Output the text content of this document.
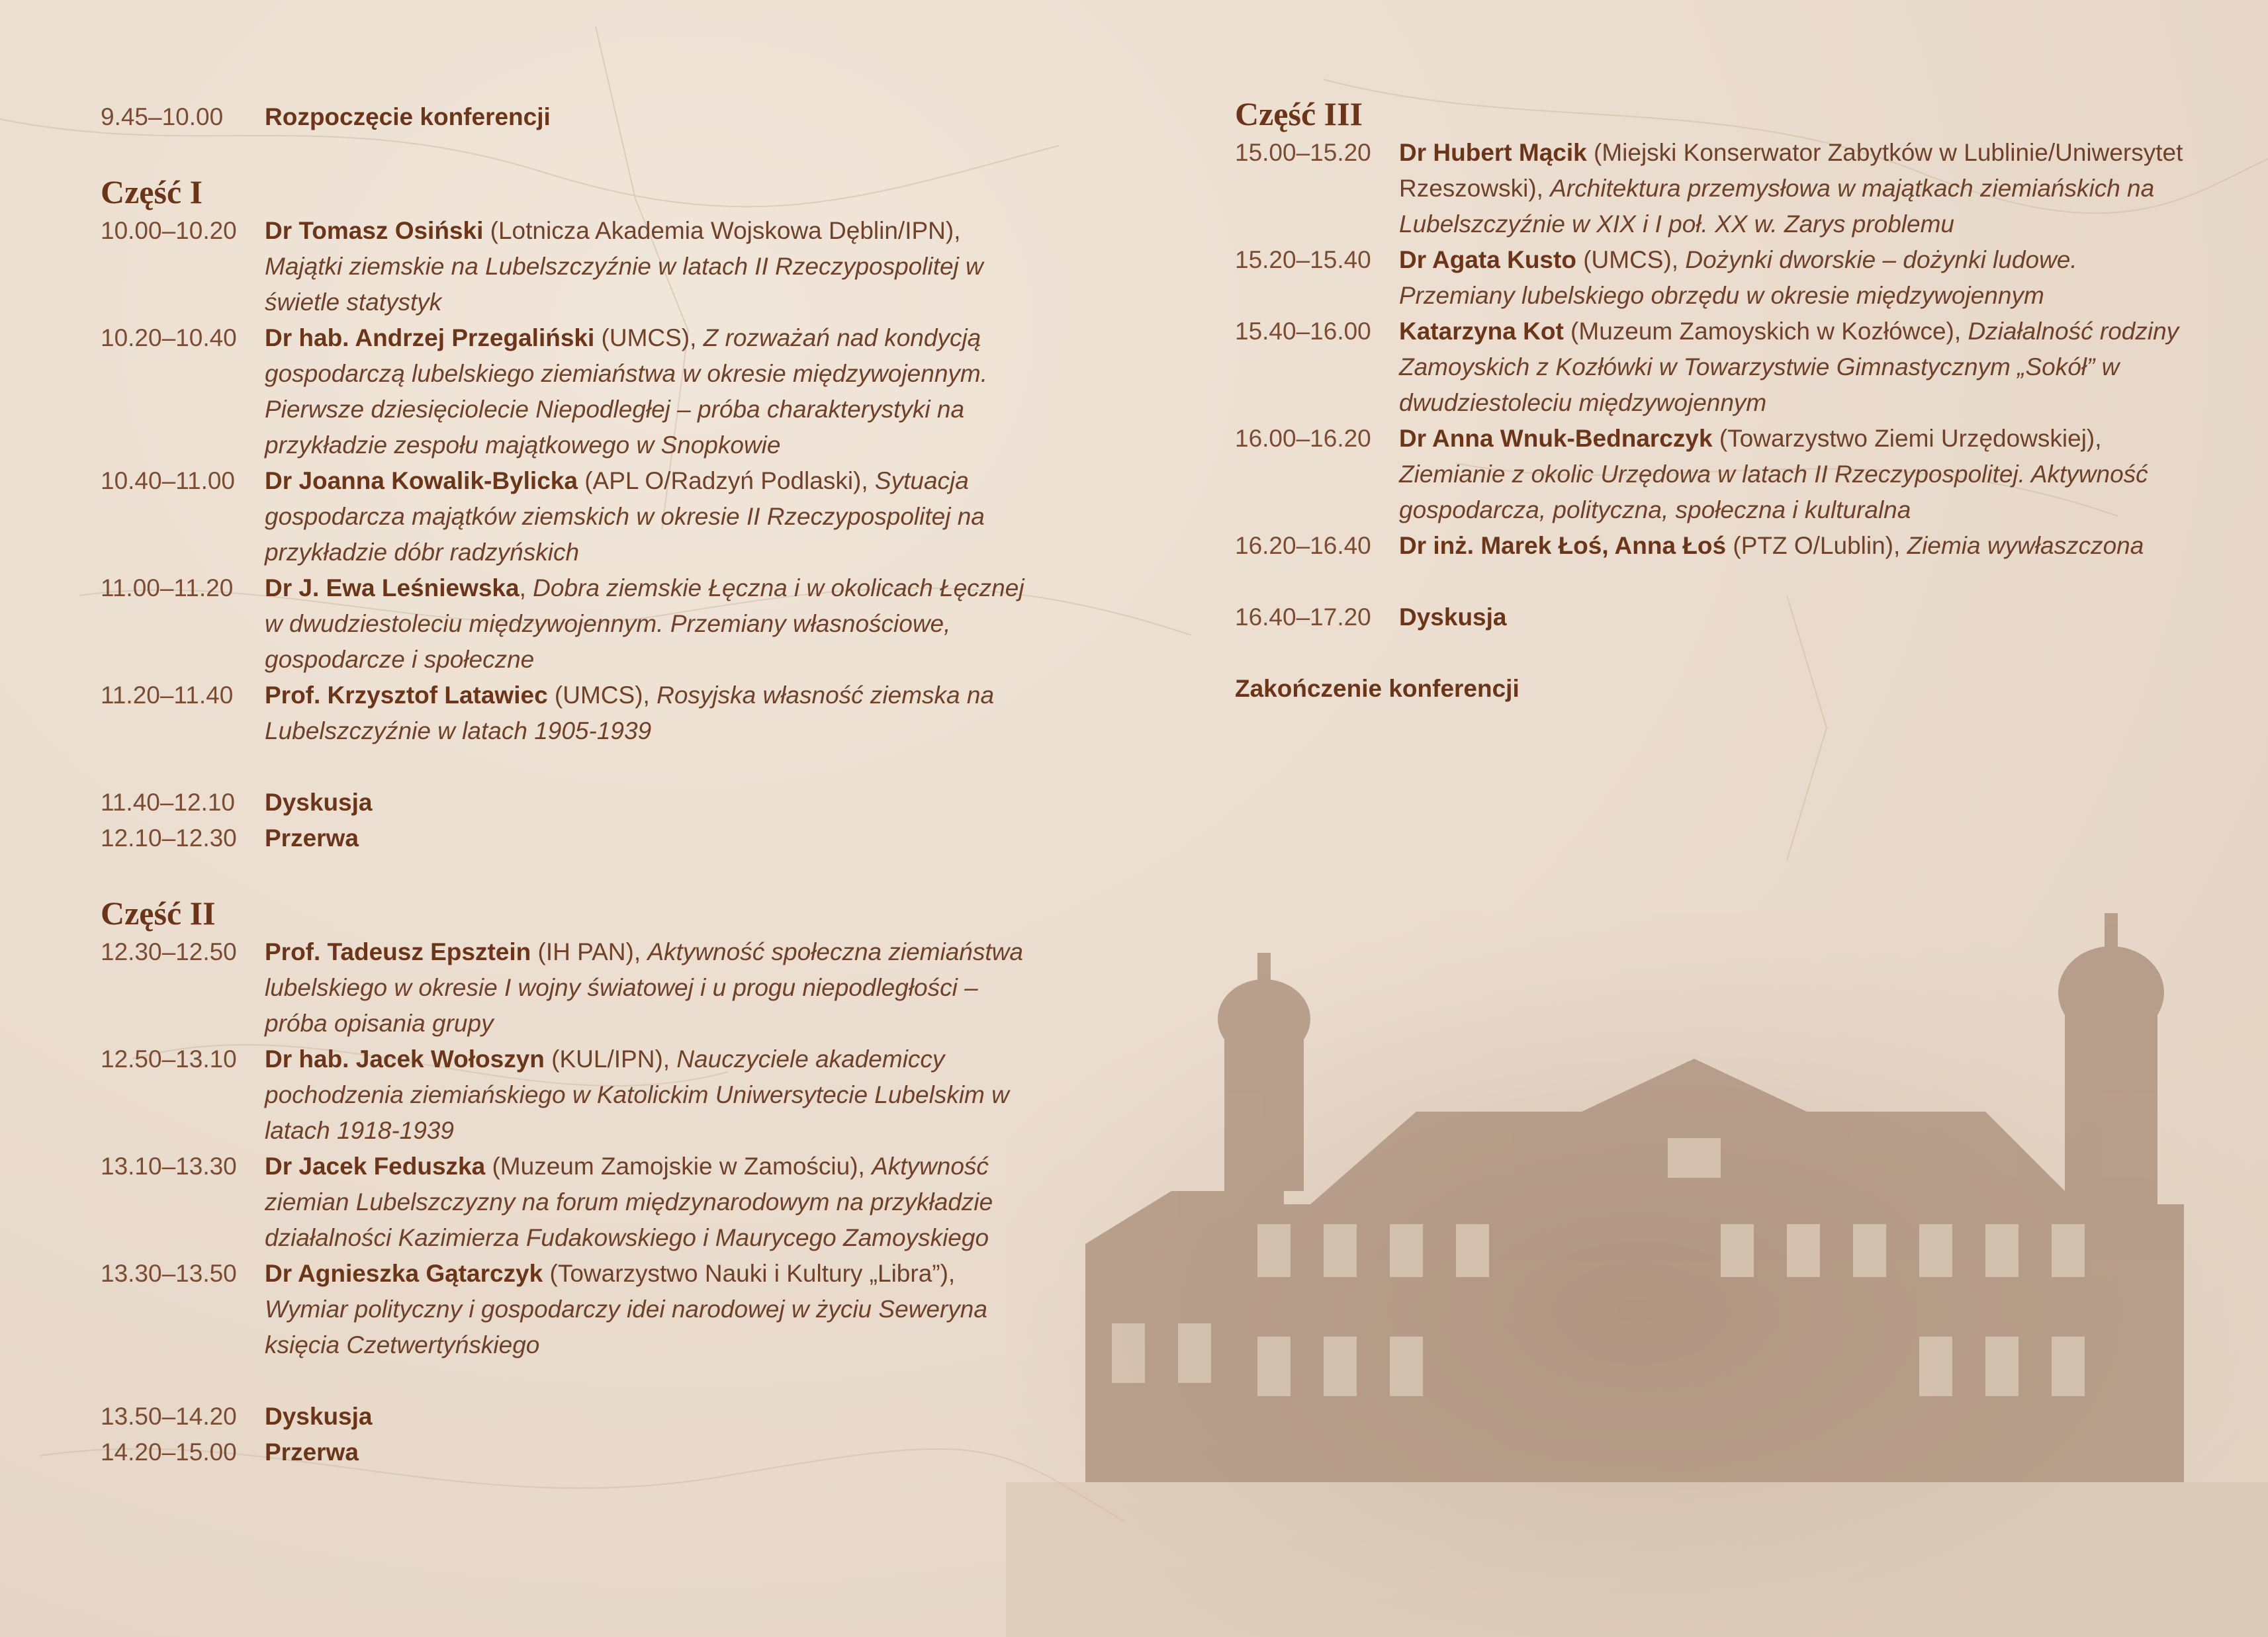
9.45–10.00	Rozpoczęcie konferencji
Część I
10.00–10.20	Dr Tomasz Osiński (Lotnicza Akademia Wojskowa Dęblin/IPN), Majątki ziemskie na Lubelszczyźnie w latach II Rzeczypospolitej w świetle statystyk
10.20–10.40	Dr hab. Andrzej Przegaliński (UMCS), Z rozważań nad kondycją gospodarczą lubelskiego ziemiaństwa w okresie międzywojennym. Pierwsze dziesięciolecie Niepodległej – próba charakterystyki na przykładzie zespołu majątkowego w Snopkowie
10.40–11.00	Dr Joanna Kowalik-Bylicka (APL O/Radzyń Podlaski), Sytuacja gospodarcza majątków ziemskich w okresie II Rzeczypospolitej na przykładzie dóbr radzyńskich
11.00–11.20	Dr J. Ewa Leśniewska, Dobra ziemskie Łęczna i w okolicach Łęcznej w dwudziestoleciu międzywojennym. Przemiany własnościowe, gospodarcze i społeczne
11.20–11.40	Prof. Krzysztof Latawiec (UMCS), Rosyjska własność ziemska na Lubelszczyźnie w latach 1905-1939
11.40–12.10	Dyskusja
12.10–12.30	Przerwa
Część II
12.30–12.50	Prof. Tadeusz Epsztein (IH PAN), Aktywność społeczna ziemiaństwa lubelskiego w okresie I wojny światowej i u progu niepodległości – próba opisania grupy
12.50–13.10	Dr hab. Jacek Wołoszyn (KUL/IPN), Nauczyciele akademiccy pochodzenia ziemiańskiego w Katolickim Uniwersytecie Lubelskim w latach 1918-1939
13.10–13.30	Dr Jacek Feduszka (Muzeum Zamojskie w Zamościu), Aktywność ziemian Lubelszczyzny na forum międzynarodowym na przykładzie działalności Kazimierza Fudakowskiego i Maurycego Zamoyskiego
13.30–13.50	Dr Agnieszka Gątarczyk (Towarzystwo Nauki i Kultury „Libra”), Wymiar polityczny i gospodarczy idei narodowej w życiu Seweryna księcia Czetwertyńskiego
13.50–14.20	Dyskusja
14.20–15.00	Przerwa
Część III
15.00–15.20	Dr Hubert Mącik (Miejski Konserwator Zabytków w Lublinie/Uniwersytet Rzeszowski), Architektura przemysłowa w majątkach ziemiańskich na Lubelszczyźnie w XIX i I poł. XX w. Zarys problemu
15.20–15.40	Dr Agata Kusto (UMCS), Dożynki dworskie – dożynki ludowe. Przemiany lubelskiego obrzędu w okresie międzywojennym
15.40–16.00	Katarzyna Kot (Muzeum Zamoyskich w Kozłówce), Działalność rodziny Zamoyskich z Kozłówki w Towarzystwie Gimnastycznym „Sokół” w dwudziestoleciu międzywojennym
16.00–16.20	Dr Anna Wnuk-Bednarczyk (Towarzystwo Ziemi Urzędowskiej), Ziemianie z okolic Urzędowa w latach II Rzeczypospolitej. Aktywność gospodarcza, polityczna, społeczna i kulturalna
16.20–16.40	Dr inż. Marek Łoś, Anna Łoś (PTZ O/Lublin), Ziemia wywłaszczona
16.40–17.20	Dyskusja
Zakończenie konferencji
